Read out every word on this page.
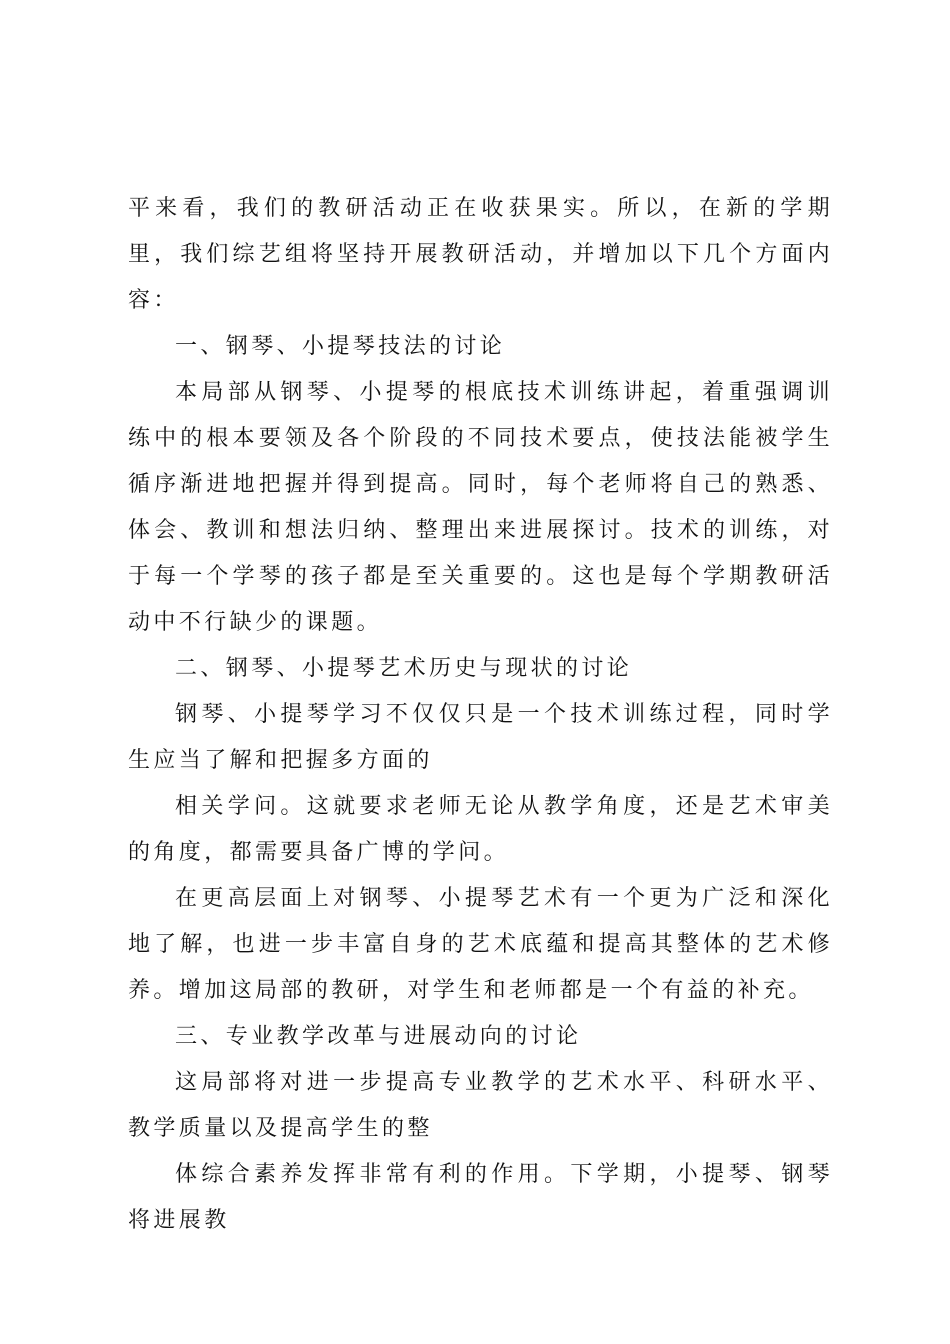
平来看，我们的教研活动正在收获果实。所以，在新的学期里，我们综艺组将坚持开展教研活动，并增加以下几个方面内容：

一、钢琴、小提琴技法的讨论

本局部从钢琴、小提琴的根底技术训练讲起，着重强调训练中的根本要领及各个阶段的不同技术要点，使技法能被学生循序渐进地把握并得到提高。同时，每个老师将自己的熟悉、体会、教训和想法归纳、整理出来进展探讨。技术的训练，对于每一个学琴的孩子都是至关重要的。这也是每个学期教研活动中不行缺少的课题。

二、钢琴、小提琴艺术历史与现状的讨论

钢琴、小提琴学习不仅仅只是一个技术训练过程，同时学生应当了解和把握多方面的

相关学问。这就要求老师无论从教学角度，还是艺术审美的角度，都需要具备广博的学问。

在更高层面上对钢琴、小提琴艺术有一个更为广泛和深化地了解，也进一步丰富自身的艺术底蕴和提高其整体的艺术修养。增加这局部的教研，对学生和老师都是一个有益的补充。

三、专业教学改革与进展动向的讨论

这局部将对进一步提高专业教学的艺术水平、科研水平、教学质量以及提高学生的整

体综合素养发挥非常有利的作用。下学期，小提琴、钢琴将进展教
